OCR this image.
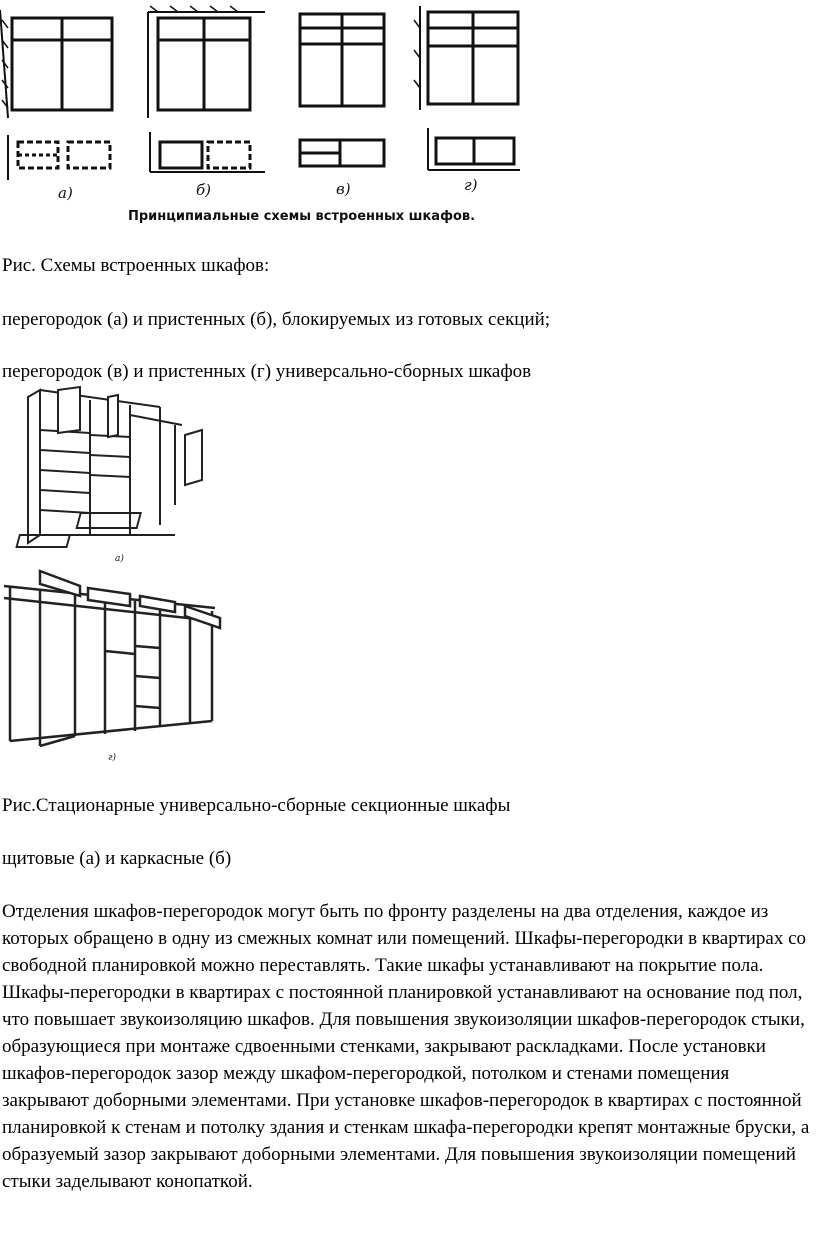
а)	б)	в)	г)
Принципиальные схемы встроенных шкафов.
Рис. Схемы встроенных шкафов:
перегородок (а) и пристенных (б), блокируемых из готовых секций;
перегородок (в) и пристенных (г) универсально-сборных шкафов
а)
г)
Рис.Стационарные универсально-сборные секционные шкафы
щитовые (а) и каркасные (б)

Отделения шкафов-перегородок могут быть по фронту разделены на два отделения, каждое из которых обращено в одну из смежных комнат или помещений. Шкафы-перегородки в квартирах со свободной планировкой можно переставлять. Такие шкафы устанавливают на покрытие пола. Шкафы-перегородки в квартирах с постоянной планировкой устанавливают на основание под пол, что повышает звукоизоляцию шкафов. Для повышения звукоизоляции шкафов-перегородок стыки, образующиеся при монтаже сдвоенными стенками, закрывают раскладками. После установки шкафов-перегородок зазор между шкафом-перегородкой, потолком и стенами помещения закрывают доборными элементами. При установке шкафов-перегородок в квартирах с постоянной планировкой к стенам и потолку здания и стенкам шкафа-перегородки крепят монтажные бруски, а образуемый зазор закрывают доборными элементами. Для повышения звукоизоляции помещений стыки заделывают конопаткой.
